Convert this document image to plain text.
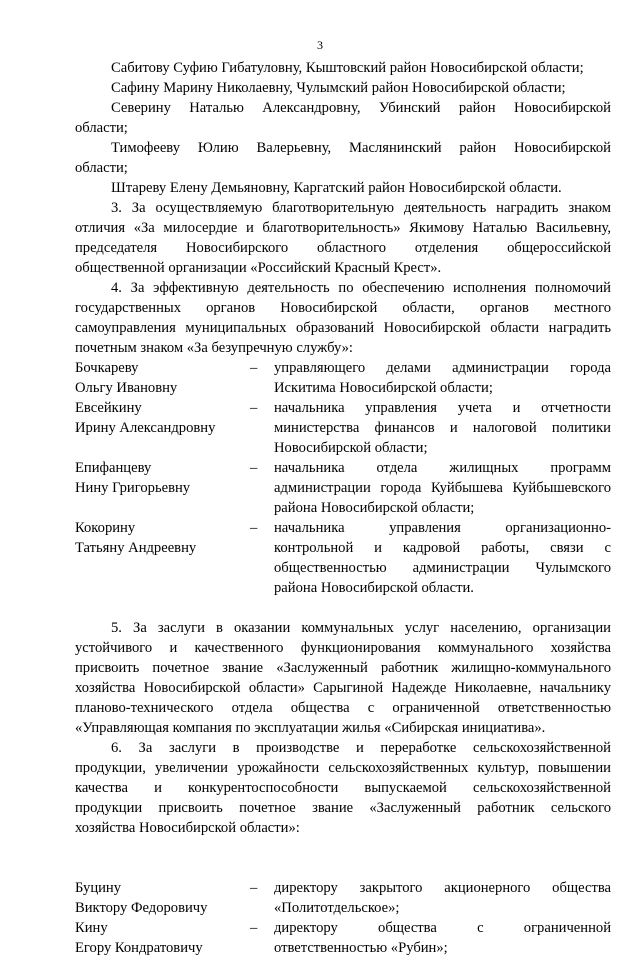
3
Сабитову Суфию Гибатуловну, Кыштовский район Новосибирской области;
Сафину Марину Николаевну, Чулымский район Новосибирской области;
Северину Наталью Александровну, Убинский район Новосибирской
области;
Тимофееву Юлию Валерьевну, Маслянинский район Новосибирской
области;
Штареву Елену Демьяновну, Каргатский район Новосибирской области.
3. За осуществляемую благотворительную деятельность наградить знаком
отличия «За милосердие и благотворительность» Якимову Наталью Васильевну,
председателя Новосибирского областного отделения общероссийской
общественной организации «Российский Красный Крест».
4. За эффективную деятельность по обеспечению исполнения полномочий
государственных органов Новосибирской области, органов местного
самоуправления муниципальных образований Новосибирской области наградить
почетным знаком «За безупречную службу»:
Бочкареву	–	управляющего делами администрации города
Ольгу Ивановну	Искитима Новосибирской области;
Евсейкину	–	начальника управления учета и отчетности
Ирину Александровну	министерства финансов и налоговой политики
Новосибирской области;
Епифанцеву	–	начальника отдела жилищных программ
Нину Григорьевну	администрации города Куйбышева Куйбышевского
района Новосибирской области;
Кокорину	–	начальника управления организационно-
Татьяну Андреевну	контрольной и кадровой работы, связи с
общественностью администрации Чулымского
района Новосибирской области.
5. За заслуги в оказании коммунальных услуг населению, организации
устойчивого и качественного функционирования коммунального хозяйства
присвоить почетное звание «Заслуженный работник жилищно-коммунального
хозяйства Новосибирской области» Сарыгиной Надежде Николаевне, начальнику
планово-технического отдела общества с ограниченной ответственностью
«Управляющая компания по эксплуатации жилья «Сибирская инициатива».
6. За заслуги в производстве и переработке сельскохозяйственной
продукции, увеличении урожайности сельскохозяйственных культур, повышении
качества и конкурентоспособности выпускаемой сельскохозяйственной
продукции присвоить почетное звание «Заслуженный работник сельского
хозяйства Новосибирской области»:
Буцину	–	директору закрытого акционерного общества
Виктору Федоровичу	«Политотдельское»;
Кину	–	директору общества с ограниченной
Егору Кондратовичу	ответственностью «Рубин»;
